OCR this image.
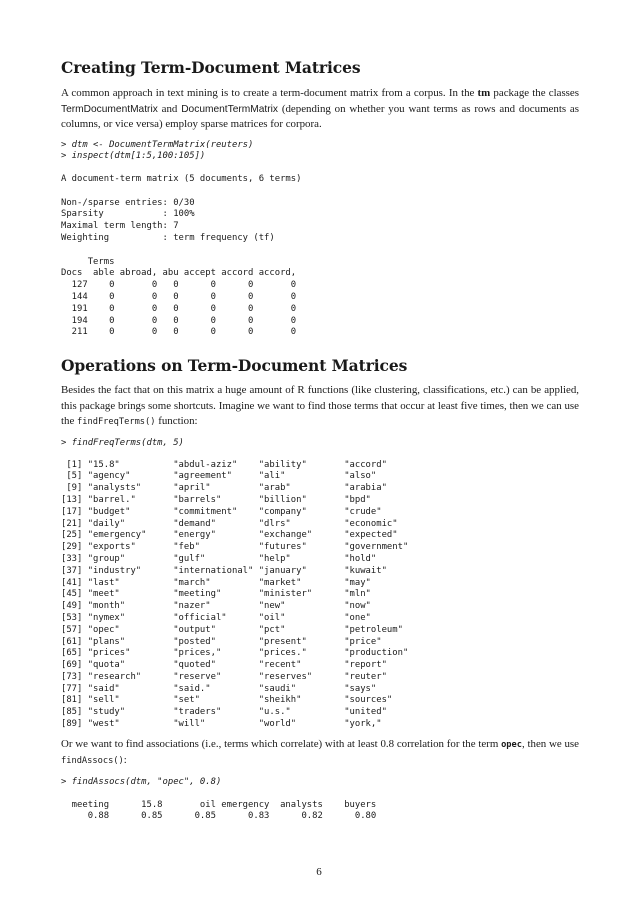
Creating Term-Document Matrices

A common approach in text mining is to create a term-document matrix from a corpus. In the tm package the classes TermDocumentMatrix and DocumentTermMatrix (depending on whether you want terms as rows and documents as columns, or vice versa) employ sparse matrices for corpora.

> dtm <- DocumentTermMatrix(reuters)
> inspect(dtm[1:5,100:105])
A document-term matrix (5 documents, 6 terms)

Non-/sparse entries: 0/30
Sparsity           : 100%
Maximal term length: 7
Weighting          : term frequency (tf)

Terms
Docs  able abroad, abu accept accord accord,
127    0       0   0      0      0       0
144    0       0   0      0      0       0
191    0       0   0      0      0       0
194    0       0   0      0      0       0
211    0       0   0      0      0       0
Operations on Term-Document Matrices

Besides the fact that on this matrix a huge amount of R functions (like clustering, classifications, etc.) can be applied, this package brings some shortcuts. Imagine we want to find those terms that occur at least five times, then we can use the findFreqTerms() function:

> findFreqTerms(dtm, 5)
[1] "15.8"          "abdul-aziz"    "ability"       "accord"
[5] "agency"        "agreement"     "ali"           "also"
[9] "analysts"      "april"         "arab"          "arabia"
[13] "barrel."       "barrels"       "billion"       "bpd"
[17] "budget"        "commitment"    "company"       "crude"
[21] "daily"         "demand"        "dlrs"          "economic"
[25] "emergency"     "energy"        "exchange"      "expected"
[29] "exports"       "feb"           "futures"       "government"
[33] "group"         "gulf"          "help"          "hold"
[37] "industry"      "international" "january"       "kuwait"
[41] "last"          "march"         "market"        "may"
[45] "meet"          "meeting"       "minister"      "mln"
[49] "month"         "nazer"         "new"           "now"
[53] "nymex"         "official"      "oil"           "one"
[57] "opec"          "output"        "pct"           "petroleum"
[61] "plans"         "posted"        "present"       "price"
[65] "prices"        "prices,"       "prices."       "production"
[69] "quota"         "quoted"        "recent"        "report"
[73] "research"      "reserve"       "reserves"      "reuter"
[77] "said"          "said."         "saudi"         "says"
[81] "sell"          "set"           "sheikh"        "sources"
[85] "study"         "traders"       "u.s."          "united"
[89] "west"          "will"          "world"         "york,"

Or we want to find associations (i.e., terms which correlate) with at least 0.8 correlation for the term opec, then we use findAssocs():

> findAssocs(dtm, "opec", 0.8)
meeting      15.8       oil emergency  analysts    buyers
0.88      0.85      0.85      0.83      0.82      0.80
6
